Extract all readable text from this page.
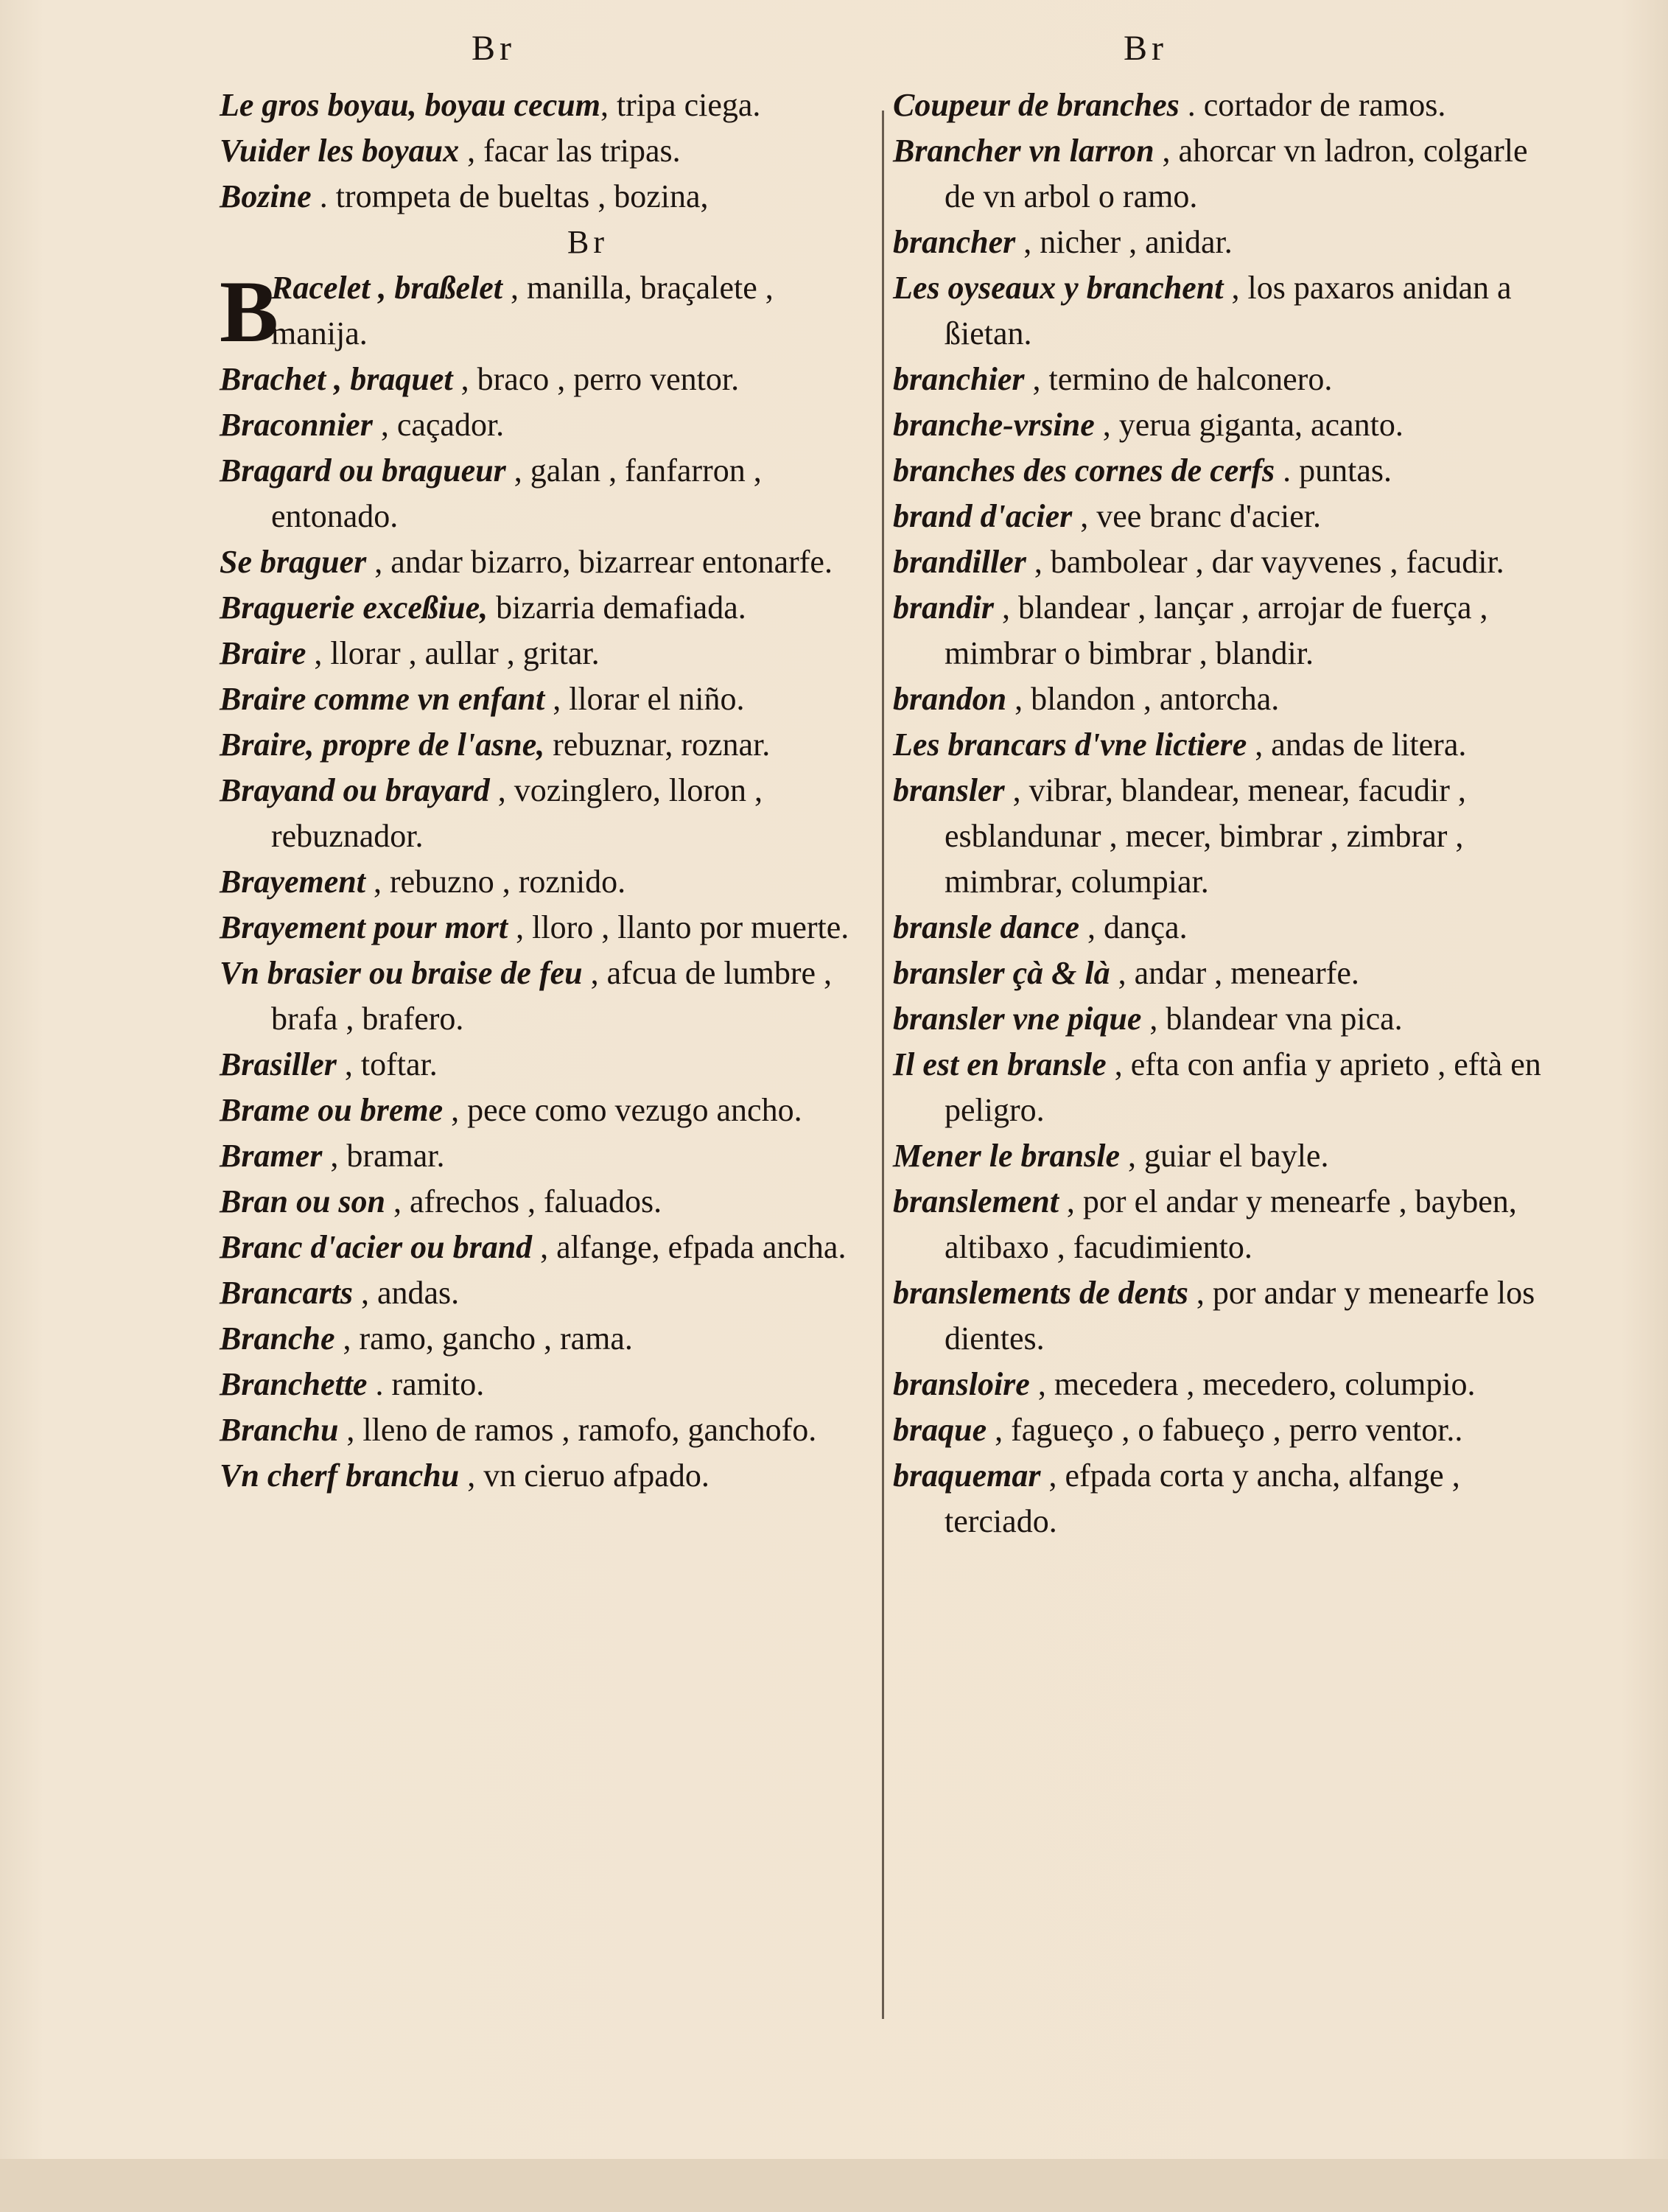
Br	Br
Le gros boyau, boyau cecum, tripa ciega.
Vuider les boyaux , facar las tripas.
Bozine . trompeta de bueltas , bozina,
Br
B
Racelet , braßelet , manilla, braçalete , manija.
Brachet , braquet , braco , perro ventor.
Braconnier , caçador.
Bragard ou bragueur , galan , fanfarron , entonado.
Se braguer , andar bizarro, bizarrear entonarfe.
Braguerie exceßiue, bizarria demafiada.
Braire , llorar , aullar , gritar.
Braire comme vn enfant , llorar el niño.
Braire, propre de l'asne, rebuznar, roznar.
Brayand ou brayard , vozinglero, lloron , rebuznador.
Brayement , rebuzno , roznido.
Brayement pour mort , lloro , llanto por muerte.
Vn brasier ou braise de feu , afcua de lumbre , brafa , brafero.
Brasiller , toftar.
Brame ou breme , pece como vezugo ancho.
Bramer , bramar.
Bran ou son , afrechos , faluados.
Branc d'acier ou brand , alfange, efpada ancha.
Brancarts , andas.
Branche , ramo, gancho , rama.
Branchette . ramito.
Branchu , lleno de ramos , ramofo, ganchofo.
Vn cherf branchu , vn cieruo afpado.
Coupeur de branches . cortador de ramos.
Brancher vn larron , ahorcar vn ladron, colgarle de vn arbol o ramo.
brancher , nicher , anidar.
Les oyseaux y branchent , los paxaros anidan a ßietan.
branchier , termino de halconero.
branche-vrsine , yerua giganta, acanto.
branches des cornes de cerfs . puntas.
brand d'acier , vee branc d'acier.
brandiller , bambolear , dar vayvenes , facudir.
brandir , blandear , lançar , arrojar de fuerça , mimbrar o bimbrar , blandir.
brandon , blandon , antorcha.
Les brancars d'vne lictiere , andas de litera.
bransler , vibrar, blandear, menear, facudir , esblandunar , mecer, bimbrar , zimbrar , mimbrar, columpiar.
bransle dance , dança.
bransler çà & là , andar , menearfe.
bransler vne pique , blandear vna pica.
Il est en bransle , efta con anfia y aprieto , eftà en peligro.
Mener le bransle , guiar el bayle.
branslement , por el andar y menearfe , bayben, altibaxo , facudimiento.
branslements de dents , por andar y menearfe los dientes.
bransloire , mecedera , mecedero, columpio.
braque , fagueço , o fabueço , perro ventor..
braquemar , efpada corta y ancha, alfange , terciado.
